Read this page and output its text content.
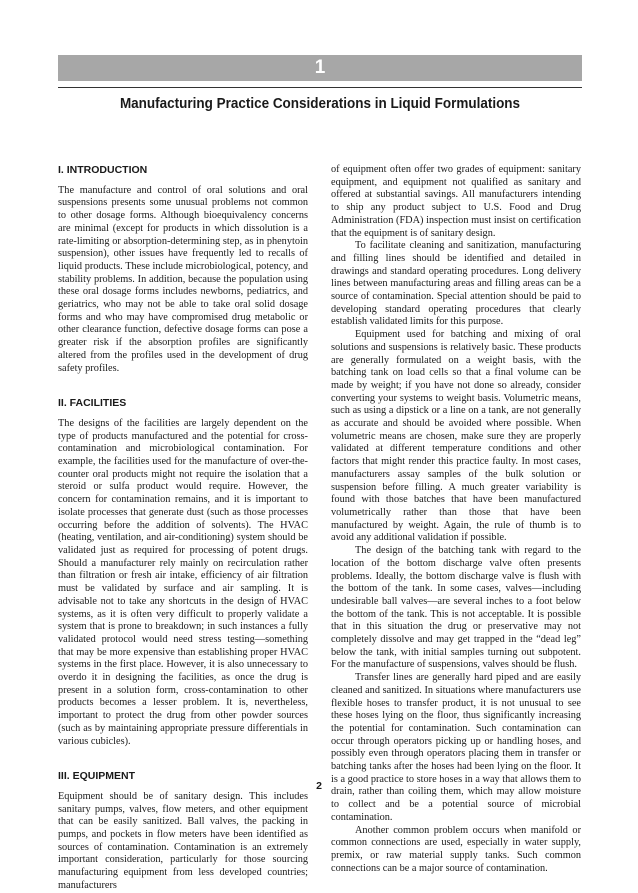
1
Manufacturing Practice Considerations in Liquid Formulations
I. INTRODUCTION

The manufacture and control of oral solutions and oral suspensions presents some unusual problems not common to other dosage forms. Although bioequivalency concerns are minimal (except for products in which dissolution is a rate-limiting or absorption-determining step, as in phenytoin suspension), other issues have frequently led to recalls of liquid products. These include microbiological, potency, and stability problems. In addition, because the population using these oral dosage forms includes newborns, pediatrics, and geriatrics, who may not be able to take oral solid dosage forms and who may have compromised drug metabolic or other clearance function, defective dosage forms can pose a greater risk if the absorption profiles are significantly altered from the profiles used in the development of drug safety profiles.

II. FACILITIES

The designs of the facilities are largely dependent on the type of products manufactured and the potential for cross-contamination and microbiological contamination. For example, the facilities used for the manufacture of over-the-counter oral products might not require the isolation that a steroid or sulfa product would require. However, the concern for contamination remains, and it is important to isolate processes that generate dust (such as those processes occurring before the addition of solvents). The HVAC (heating, ventilation, and air-conditioning) system should be validated just as required for processing of potent drugs. Should a manufacturer rely mainly on recirculation rather than filtration or fresh air intake, efficiency of air filtration must be validated by surface and air sampling. It is advisable not to take any shortcuts in the design of HVAC systems, as it is often very difficult to properly validate a system that is prone to breakdown; in such instances a fully validated protocol would need stress testing—something that may be more expensive than establishing proper HVAC systems in the first place. However, it is also unnecessary to overdo it in designing the facilities, as once the drug is present in a solution form, cross-contamination to other products becomes a lesser problem. It is, nevertheless, important to protect the drug from other powder sources (such as by maintaining appropriate pressure differentials in various cubicles).

III. EQUIPMENT

Equipment should be of sanitary design. This includes sanitary pumps, valves, flow meters, and other equipment that can be easily sanitized. Ball valves, the packing in pumps, and pockets in flow meters have been identified as sources of contamination. Contamination is an extremely important consideration, particularly for those sourcing manufacturing equipment from less developed countries; manufacturers

of equipment often offer two grades of equipment: sanitary equipment, and equipment not qualified as sanitary and offered at substantial savings. All manufacturers intending to ship any product subject to U.S. Food and Drug Administration (FDA) inspection must insist on certification that the equipment is of sanitary design.

To facilitate cleaning and sanitization, manufacturing and filling lines should be identified and detailed in drawings and standard operating procedures. Long delivery lines between manufacturing areas and filling areas can be a source of contamination. Special attention should be paid to developing standard operating procedures that clearly establish validated limits for this purpose.

Equipment used for batching and mixing of oral solutions and suspensions is relatively basic. These products are generally formulated on a weight basis, with the batching tank on load cells so that a final volume can be made by weight; if you have not done so already, consider converting your systems to weight basis. Volumetric means, such as using a dipstick or a line on a tank, are not generally as accurate and should be avoided where possible. When volumetric means are chosen, make sure they are properly validated at different temperature conditions and other factors that might render this practice faulty. In most cases, manufacturers assay samples of the bulk solution or suspension before filling. A much greater variability is found with those batches that have been manufactured volumetrically rather than those that have been manufactured by weight. Again, the rule of thumb is to avoid any additional validation if possible.

The design of the batching tank with regard to the location of the bottom discharge valve often presents problems. Ideally, the bottom discharge valve is flush with the bottom of the tank. In some cases, valves—including undesirable ball valves—are several inches to a foot below the bottom of the tank. This is not acceptable. It is possible that in this situation the drug or preservative may not completely dissolve and may get trapped in the “dead leg” below the tank, with initial samples turning out subpotent. For the manufacture of suspensions, valves should be flush.

Transfer lines are generally hard piped and are easily cleaned and sanitized. In situations where manufacturers use flexible hoses to transfer product, it is not unusual to see these hoses lying on the floor, thus significantly increasing the potential for contamination. Such contamination can occur through operators picking up or handling hoses, and possibly even through operators placing them in transfer or batching tanks after the hoses had been lying on the floor. It is a good practice to store hoses in a way that allows them to drain, rather than coiling them, which may allow moisture to collect and be a potential source of microbial contamination.

Another common problem occurs when manifold or common connections are used, especially in water supply, premix, or raw material supply tanks. Such common connections can be a major source of contamination.

2
